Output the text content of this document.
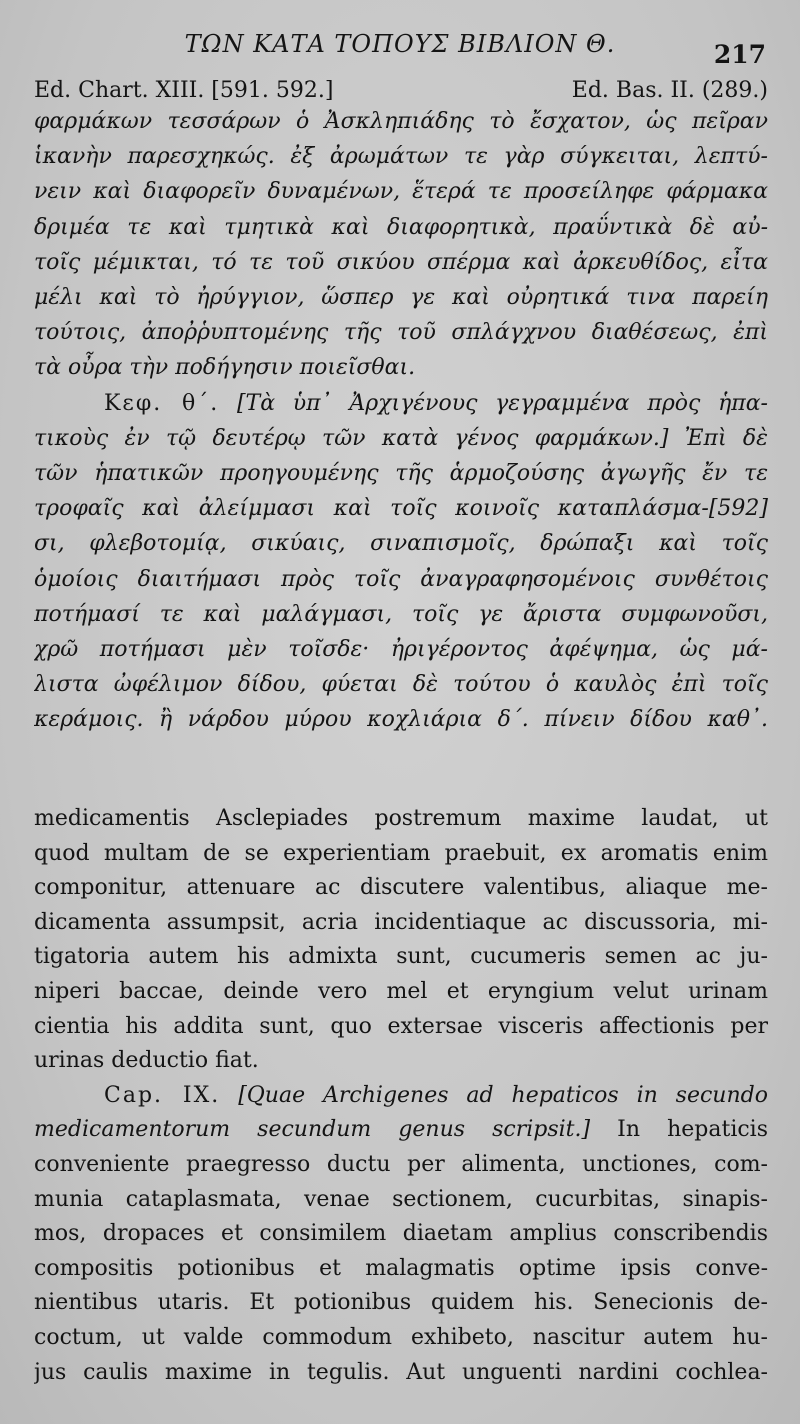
ΤΩΝ ΚΑΤΑ ΤΟΠΟΥΣ ΒΙΒΛΙΟΝ Θ.	217
Ed. Chart. XIII. [591. 592.]	Ed. Bas. II. (289.)
φαρμάκων τεσσάρων ὁ Ἀσκληπιάδης τὸ ἔσχατον, ὡς πεῖραν
ἱκανὴν παρεσχηκώς. ἐξ ἀρωμάτων τε γὰρ σύγκειται, λεπτύ-
νειν καὶ διαφορεῖν δυναμένων, ἕτερά τε προσείληφε φάρμακα
δριμέα τε καὶ τμητικὰ καὶ διαφορητικὰ, πραΰντικὰ δὲ αὐ-
τοῖς μέμικται, τό τε τοῦ σικύου σπέρμα καὶ ἀρκευθίδος, εἶτα
μέλι καὶ τὸ ἠρύγγιον, ὥσπερ γε καὶ οὐρητικά τινα παρείη
τούτοις, ἀποῤῥυπτομένης τῆς τοῦ σπλάγχνου διαθέσεως, ἐπὶ
τὰ οὖρα τὴν ποδήγησιν ποιεῖσθαι.
Κεφ. θ΄. [Τὰ ὑπ᾽ Ἀρχιγένους γεγραμμένα πρὸς ἡπα-
τικοὺς ἐν τῷ δευτέρῳ τῶν κατὰ γένος φαρμάκων.] Ἐπὶ δὲ
τῶν ἡπατικῶν προηγουμένης τῆς ἁρμοζούσης ἀγωγῆς ἔν τε
τροφαῖς καὶ ἀλείμμασι καὶ τοῖς κοινοῖς καταπλάσμα-[592]
σι, φλεβοτομίᾳ, σικύαις, σιναπισμοῖς, δρώπαξι καὶ τοῖς
ὁμοίοις διαιτήμασι πρὸς τοῖς ἀναγραφησομένοις συνθέτοις
ποτήμασί τε καὶ μαλάγμασι, τοῖς γε ἄριστα συμφωνοῦσι,
χρῶ ποτήμασι μὲν τοῖσδε· ἠριγέροντος ἀφέψημα, ὡς μά-
λιστα ὠφέλιμον δίδου, φύεται δὲ τούτου ὁ καυλὸς ἐπὶ τοῖς
κεράμοις. ἢ νάρδου μύρου κοχλιάρια δ΄. πίνειν δίδου καθ᾽.
medicamentis Asclepiades postremum maxime laudat, ut
quod multam de se experientiam praebuit, ex aromatis enim
componitur, attenuare ac discutere valentibus, aliaque me-
dicamenta assumpsit, acria incidentiaque ac discussoria, mi-
tigatoria autem his admixta sunt, cucumeris semen ac ju-
niperi baccae, deinde vero mel et eryngium velut urinam
cientia his addita sunt, quo extersae visceris affectionis per
urinas deductio fiat.
Cap. IX. [Quae Archigenes ad hepaticos in secundo
medicamentorum secundum genus scripsit.] In hepaticis
conveniente praegresso ductu per alimenta, unctiones, com-
munia cataplasmata, venae sectionem, cucurbitas, sinapis-
mos, dropaces et consimilem diaetam amplius conscribendis
compositis potionibus et malagmatis optime ipsis conve-
nientibus utaris. Et potionibus quidem his. Senecionis de-
coctum, ut valde commodum exhibeto, nascitur autem hu-
jus caulis maxime in tegulis. Aut unguenti nardini cochlea-
